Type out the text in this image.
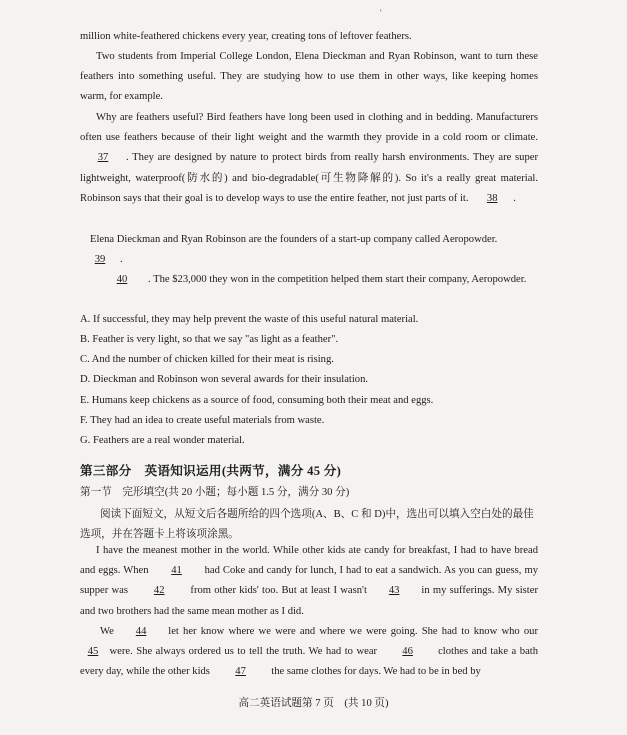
'

million white-feathered chickens every year, creating tons of leftover feathers.

Two students from Imperial College London, Elena Dieckman and Ryan Robinson, want to turn these feathers into something useful. They are studying how to use them in other ways, like keeping homes warm, for example.

Why are feathers useful? Bird feathers have long been used in clothing and in bedding. Manufacturers often use feathers because of their light weight and the warmth they provide in a cold room or climate. 37 . They are designed by nature to protect birds from really harsh environments. They are super lightweight, waterproof(防水的) and bio-degradable(可生物降解的). So it's a really great material. Robinson says that their goal is to develop ways to use the entire feather, not just parts of it. 38 .

Elena Dieckman and Ryan Robinson are the founders of a start-up company called Aeropowder.
39 .

40 . The $23,000 they won in the competition helped them start their company, Aeropowder.

A. If successful, they may help prevent the waste of this useful natural material.

B. Feather is very light, so that we say "as light as a feather".

C. And the number of chicken killed for their meat is rising.

D. Dieckman and Robinson won several awards for their insulation.

E. Humans keep chickens as a source of food, consuming both their meat and eggs.

F. They had an idea to create useful materials from waste.

G. Feathers are a real wonder material.

第三部分　英语知识运用(共两节，满分 45 分)
第一节　完形填空(共 20 小题；每小题 1.5 分，满分 30 分)

阅读下面短文，从短文后各题所给的四个选项(A、B、C 和 D)中，选出可以填入空白处的最佳选项，并在答题卡上将该项涂黑。

I have the meanest mother in the world. While other kids ate candy for breakfast, I had to have bread and eggs. When 41 had Coke and candy for lunch, I had to eat a sandwich. As you can guess, my supper was 42 from other kids' too. But at least I wasn't 43 in my sufferings. My sister and two brothers had the same mean mother as I did.

We 44 let her know where we were and where we were going. She had to know who our 45 were. She always ordered us to tell the truth. We had to wear 46 clothes and take a bath every day, while the other kids 47 the same clothes for days. We had to be in bed by

高二英语试题第 7 页　(共 10 页)
